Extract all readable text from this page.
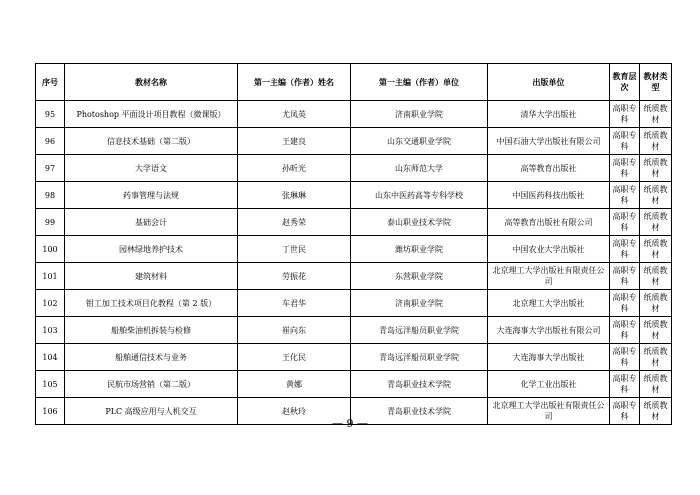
序号	教材名称	第一主编（作者）姓名	第一主编（作者）单位	出版单位	教育层次	教材类型
95	Photoshop 平面设计项目教程（微课版）	尤凤英	济南职业学院	清华大学出版社	高职专科	纸质教材
96	信息技术基础（第二版）	王建良	山东交通职业学院	中国石油大学出版社有限公司	高职专科	纸质教材
97	大学语文	孙昕光	山东师范大学	高等教育出版社	高职专科	纸质教材
98	药事管理与法规	张琳琳	山东中医药高等专科学校	中国医药科技出版社	高职专科	纸质教材
99	基础会计	赵秀荣	泰山职业技术学院	高等教育出版社有限公司	高职专科	纸质教材
100	园林绿地养护技术	丁世民	潍坊职业学院	中国农业大学出版社	高职专科	纸质教材
101	建筑材料	劳振花	东营职业学院	北京理工大学出版社有限责任公司	高职专科	纸质教材
102	钳工加工技术项目化教程（第 2 版）	车君华	济南职业学院	北京理工大学出版社	高职专科	纸质教材
103	船舶柴油机拆装与检修	崔向东	青岛远洋船员职业学院	大连海事大学出版社有限公司	高职专科	纸质教材
104	船舶通信技术与业务	王化民	青岛远洋船员职业学院	大连海事大学出版社	高职专科	纸质教材
105	民航市场营销（第二版）	黄娜	青岛职业技术学院	化学工业出版社	高职专科	纸质教材
106	PLC 高级应用与人机交互	赵秋玲	青岛职业技术学院	北京理工大学出版社有限责任公司	高职专科	纸质教材
— 9 —
